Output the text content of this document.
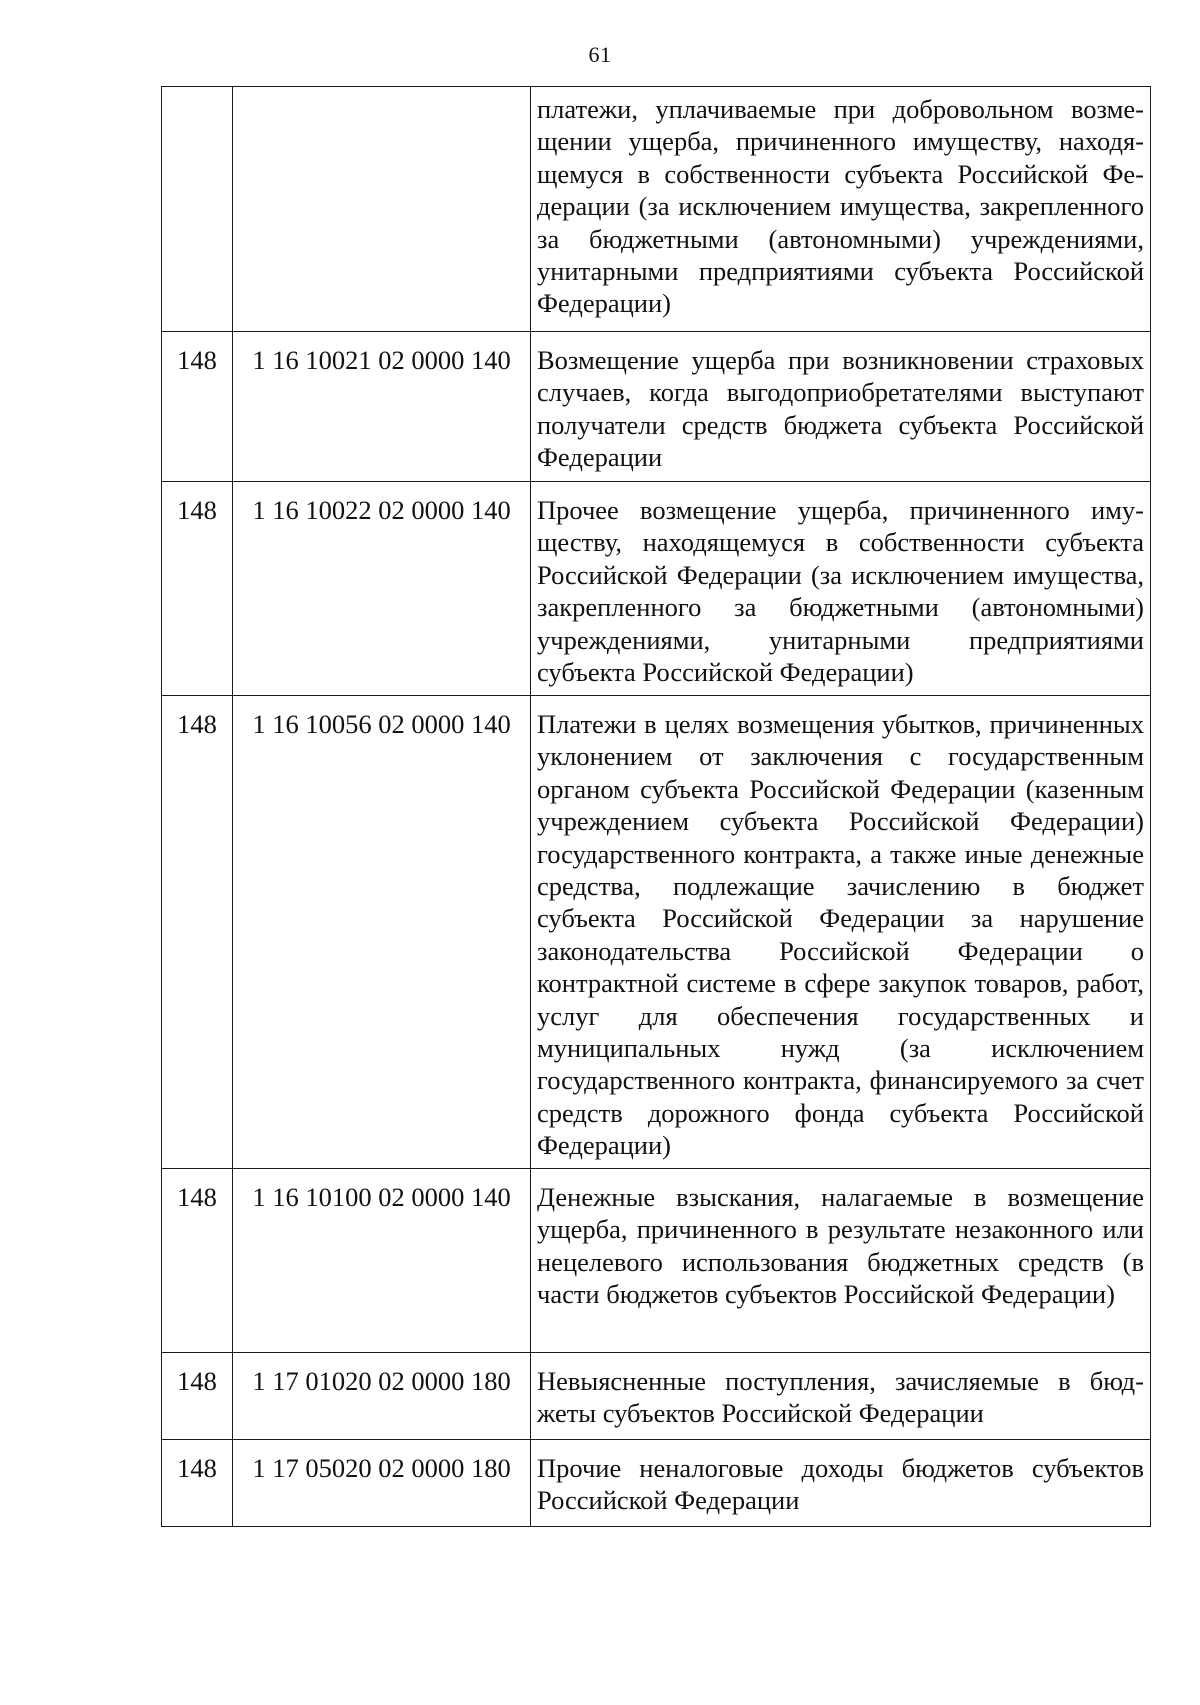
61
		платежи, уплачиваемые при добровольном возмещении ущерба, причиненного имуществу, находящемуся в собственности субъекта Российской Федерации (за исключением имущества, закрепленного за бюджетными (автономными) учреждениями, унитарными предприятиями субъекта Российской Федерации)
148	1 16 10021 02 0000 140	Возмещение ущерба при возникновении страховых случаев, когда выгодоприобретателями выступают получатели средств бюджета субъекта Российской Федерации
148	1 16 10022 02 0000 140	Прочее возмещение ущерба, причиненного имуществу, находящемуся в собственности субъекта Российской Федерации (за исключением имущества, закрепленного за бюджетными (автономными) учреждениями, унитарными предприятиями субъекта Российской Федерации)
148	1 16 10056 02 0000 140	Платежи в целях возмещения убытков, причиненных уклонением от заключения с государственным органом субъекта Российской Федерации (казенным учреждением субъекта Российской Федерации) государственного контракта, а также иные денежные средства, подлежащие зачислению в бюджет субъекта Российской Федерации за нарушение законодательства Российской Федерации о контрактной системе в сфере закупок товаров, работ, услуг для обеспечения государственных и муниципальных нужд (за исключением государственного контракта, финансируемого за счет средств дорожного фонда субъекта Российской Федерации)
148	1 16 10100 02 0000 140	Денежные взыскания, налагаемые в возмещение ущерба, причиненного в результате незаконного или нецелевого использования бюджетных средств (в части бюджетов субъектов Российской Федерации)
148	1 17 01020 02 0000 180	Невыясненные поступления, зачисляемые в бюджеты субъектов Российской Федерации
148	1 17 05020 02 0000 180	Прочие неналоговые доходы бюджетов субъектов Российской Федерации
